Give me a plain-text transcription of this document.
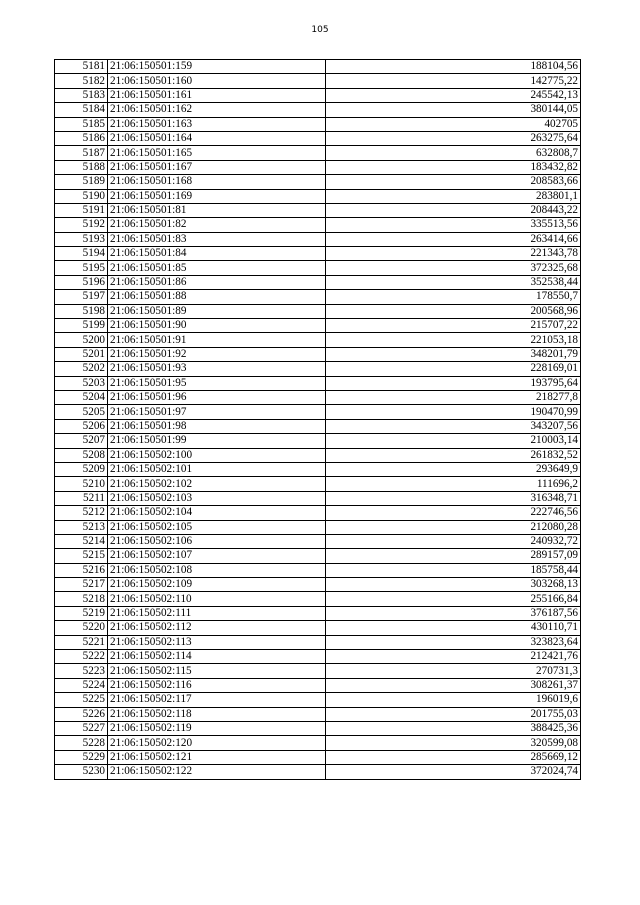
105
5181	21:06:150501:159	188104,56
5182	21:06:150501:160	142775,22
5183	21:06:150501:161	245542,13
5184	21:06:150501:162	380144,05
5185	21:06:150501:163	402705
5186	21:06:150501:164	263275,64
5187	21:06:150501:165	632808,7
5188	21:06:150501:167	183432,82
5189	21:06:150501:168	208583,66
5190	21:06:150501:169	283801,1
5191	21:06:150501:81	208443,22
5192	21:06:150501:82	335513,56
5193	21:06:150501:83	263414,66
5194	21:06:150501:84	221343,78
5195	21:06:150501:85	372325,68
5196	21:06:150501:86	352538,44
5197	21:06:150501:88	178550,7
5198	21:06:150501:89	200568,96
5199	21:06:150501:90	215707,22
5200	21:06:150501:91	221053,18
5201	21:06:150501:92	348201,79
5202	21:06:150501:93	228169,01
5203	21:06:150501:95	193795,64
5204	21:06:150501:96	218277,8
5205	21:06:150501:97	190470,99
5206	21:06:150501:98	343207,56
5207	21:06:150501:99	210003,14
5208	21:06:150502:100	261832,52
5209	21:06:150502:101	293649,9
5210	21:06:150502:102	111696,2
5211	21:06:150502:103	316348,71
5212	21:06:150502:104	222746,56
5213	21:06:150502:105	212080,28
5214	21:06:150502:106	240932,72
5215	21:06:150502:107	289157,09
5216	21:06:150502:108	185758,44
5217	21:06:150502:109	303268,13
5218	21:06:150502:110	255166,84
5219	21:06:150502:111	376187,56
5220	21:06:150502:112	430110,71
5221	21:06:150502:113	323823,64
5222	21:06:150502:114	212421,76
5223	21:06:150502:115	270731,3
5224	21:06:150502:116	308261,37
5225	21:06:150502:117	196019,6
5226	21:06:150502:118	201755,03
5227	21:06:150502:119	388425,36
5228	21:06:150502:120	320599,08
5229	21:06:150502:121	285669,12
5230	21:06:150502:122	372024,74
